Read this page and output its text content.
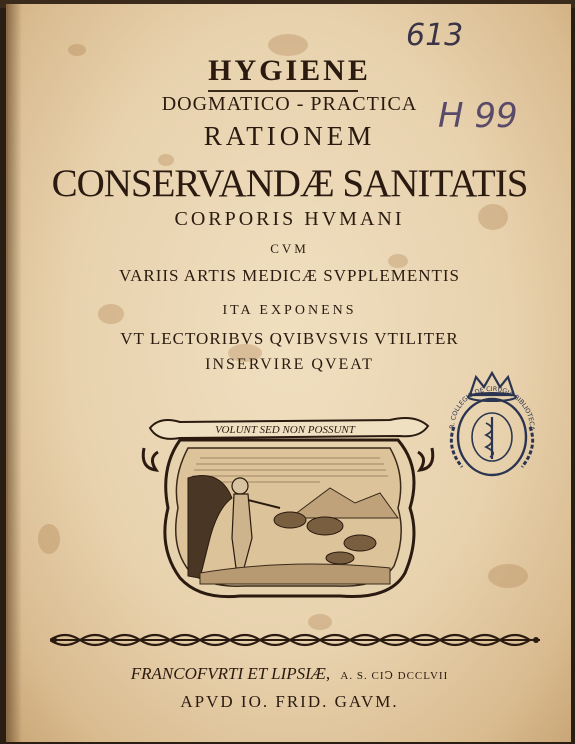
613
H 99
HYGIENE
DOGMATICO - PRACTICA
RATIONEM
CONSERVANDÆ SANITATIS
CORPORIS HVMANI
CVM
VARIIS ARTIS MEDICÆ SVPPLEMENTIS
ITA EXPONENS
VT LECTORIBVS QVIBVSVIS VTILITER
INSERVIRE QVEAT
VOLUNT SED NON POSSUNT	R. COLLEGIO DE CIRUGIA BIBLIOTECA
FRANCOFVRTI ET LIPSIÆ, A. S. CIↃ DCCLVII
APVD IO. FRID. GAVM.
